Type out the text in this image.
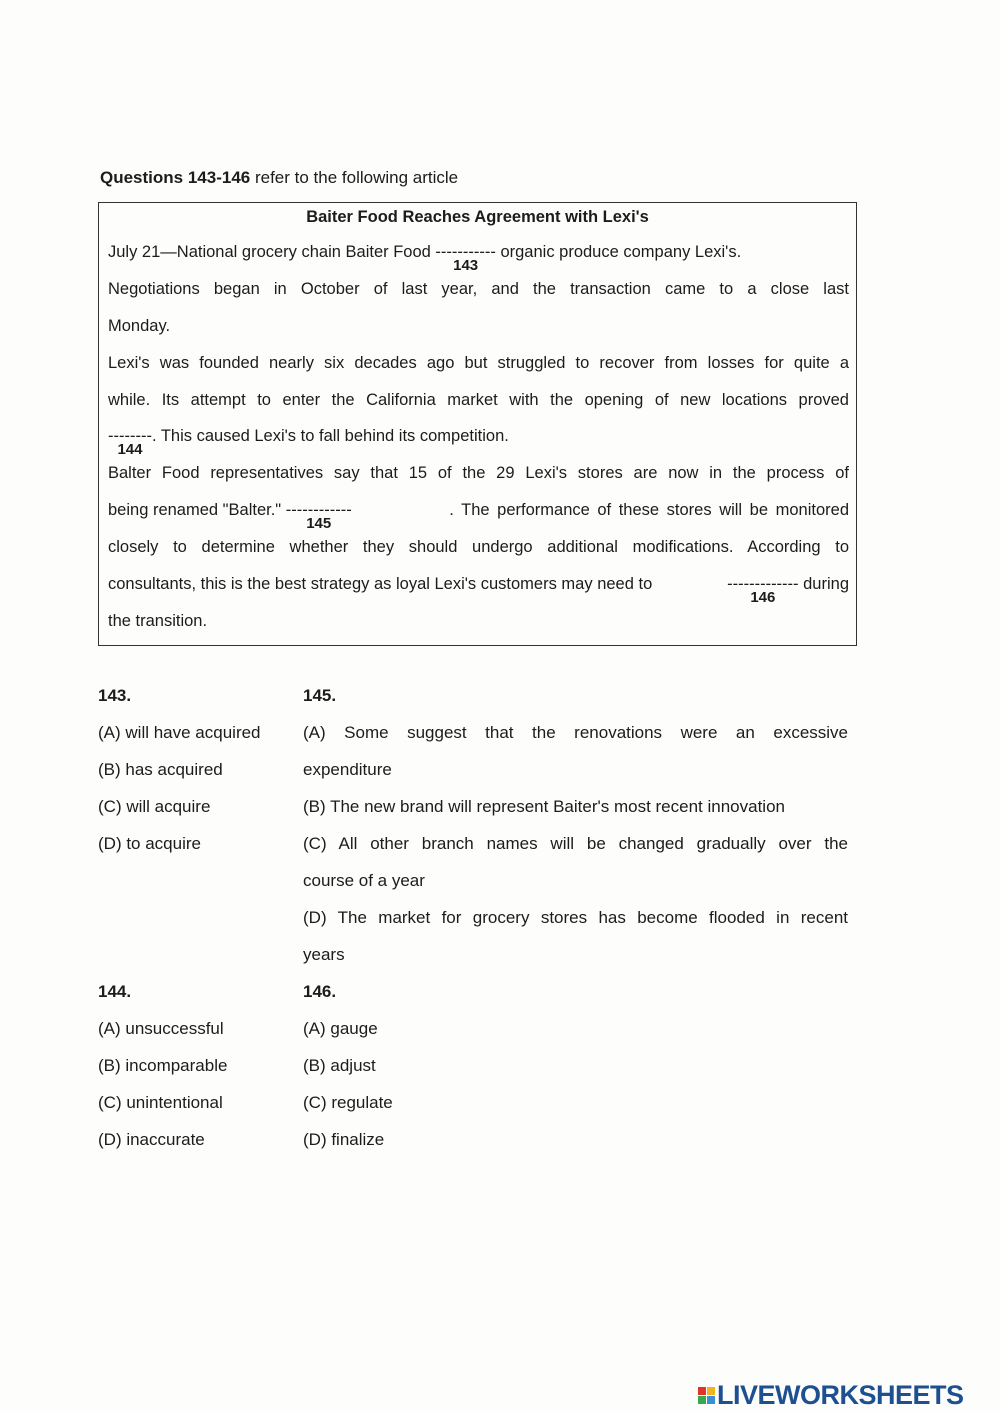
Questions 143-146 refer to the following article
Baiter Food Reaches Agreement with Lexi's
July 21—National grocery chain Baiter Food -----------
143
organic produce company Lexi's.
Negotiations began in October of last year, and the transaction came to a close last
Monday.
Lexi's was founded nearly six decades ago but struggled to recover from losses for quite a
while. Its attempt to enter the California market with the opening of new locations proved
--------
144
. This caused Lexi's to fall behind its competition.
Balter Food representatives say that 15 of the 29 Lexi's stores are now in the process of
being renamed "Balter." ------------
145
. The performance of these stores will be monitored
closely to determine whether they should undergo additional modifications. According to
consultants, this is the best strategy as loyal Lexi's customers may need to	-------------
146
during
the transition.
143.
(A) will have acquired
(B) has acquired
(C) will acquire
(D) to acquire
145.
(A) Some suggest that the renovations were an excessive
expenditure
(B) The new brand will represent Baiter's most recent innovation
(C) All other branch names will be changed gradually over the
course of a year
(D) The market for grocery stores has become flooded in recent
years
144.
(A) unsuccessful
(B) incomparable
(C) unintentional
(D) inaccurate
146.
(A) gauge
(B) adjust
(C) regulate
(D) finalize
LIVEWORKSHEETS
